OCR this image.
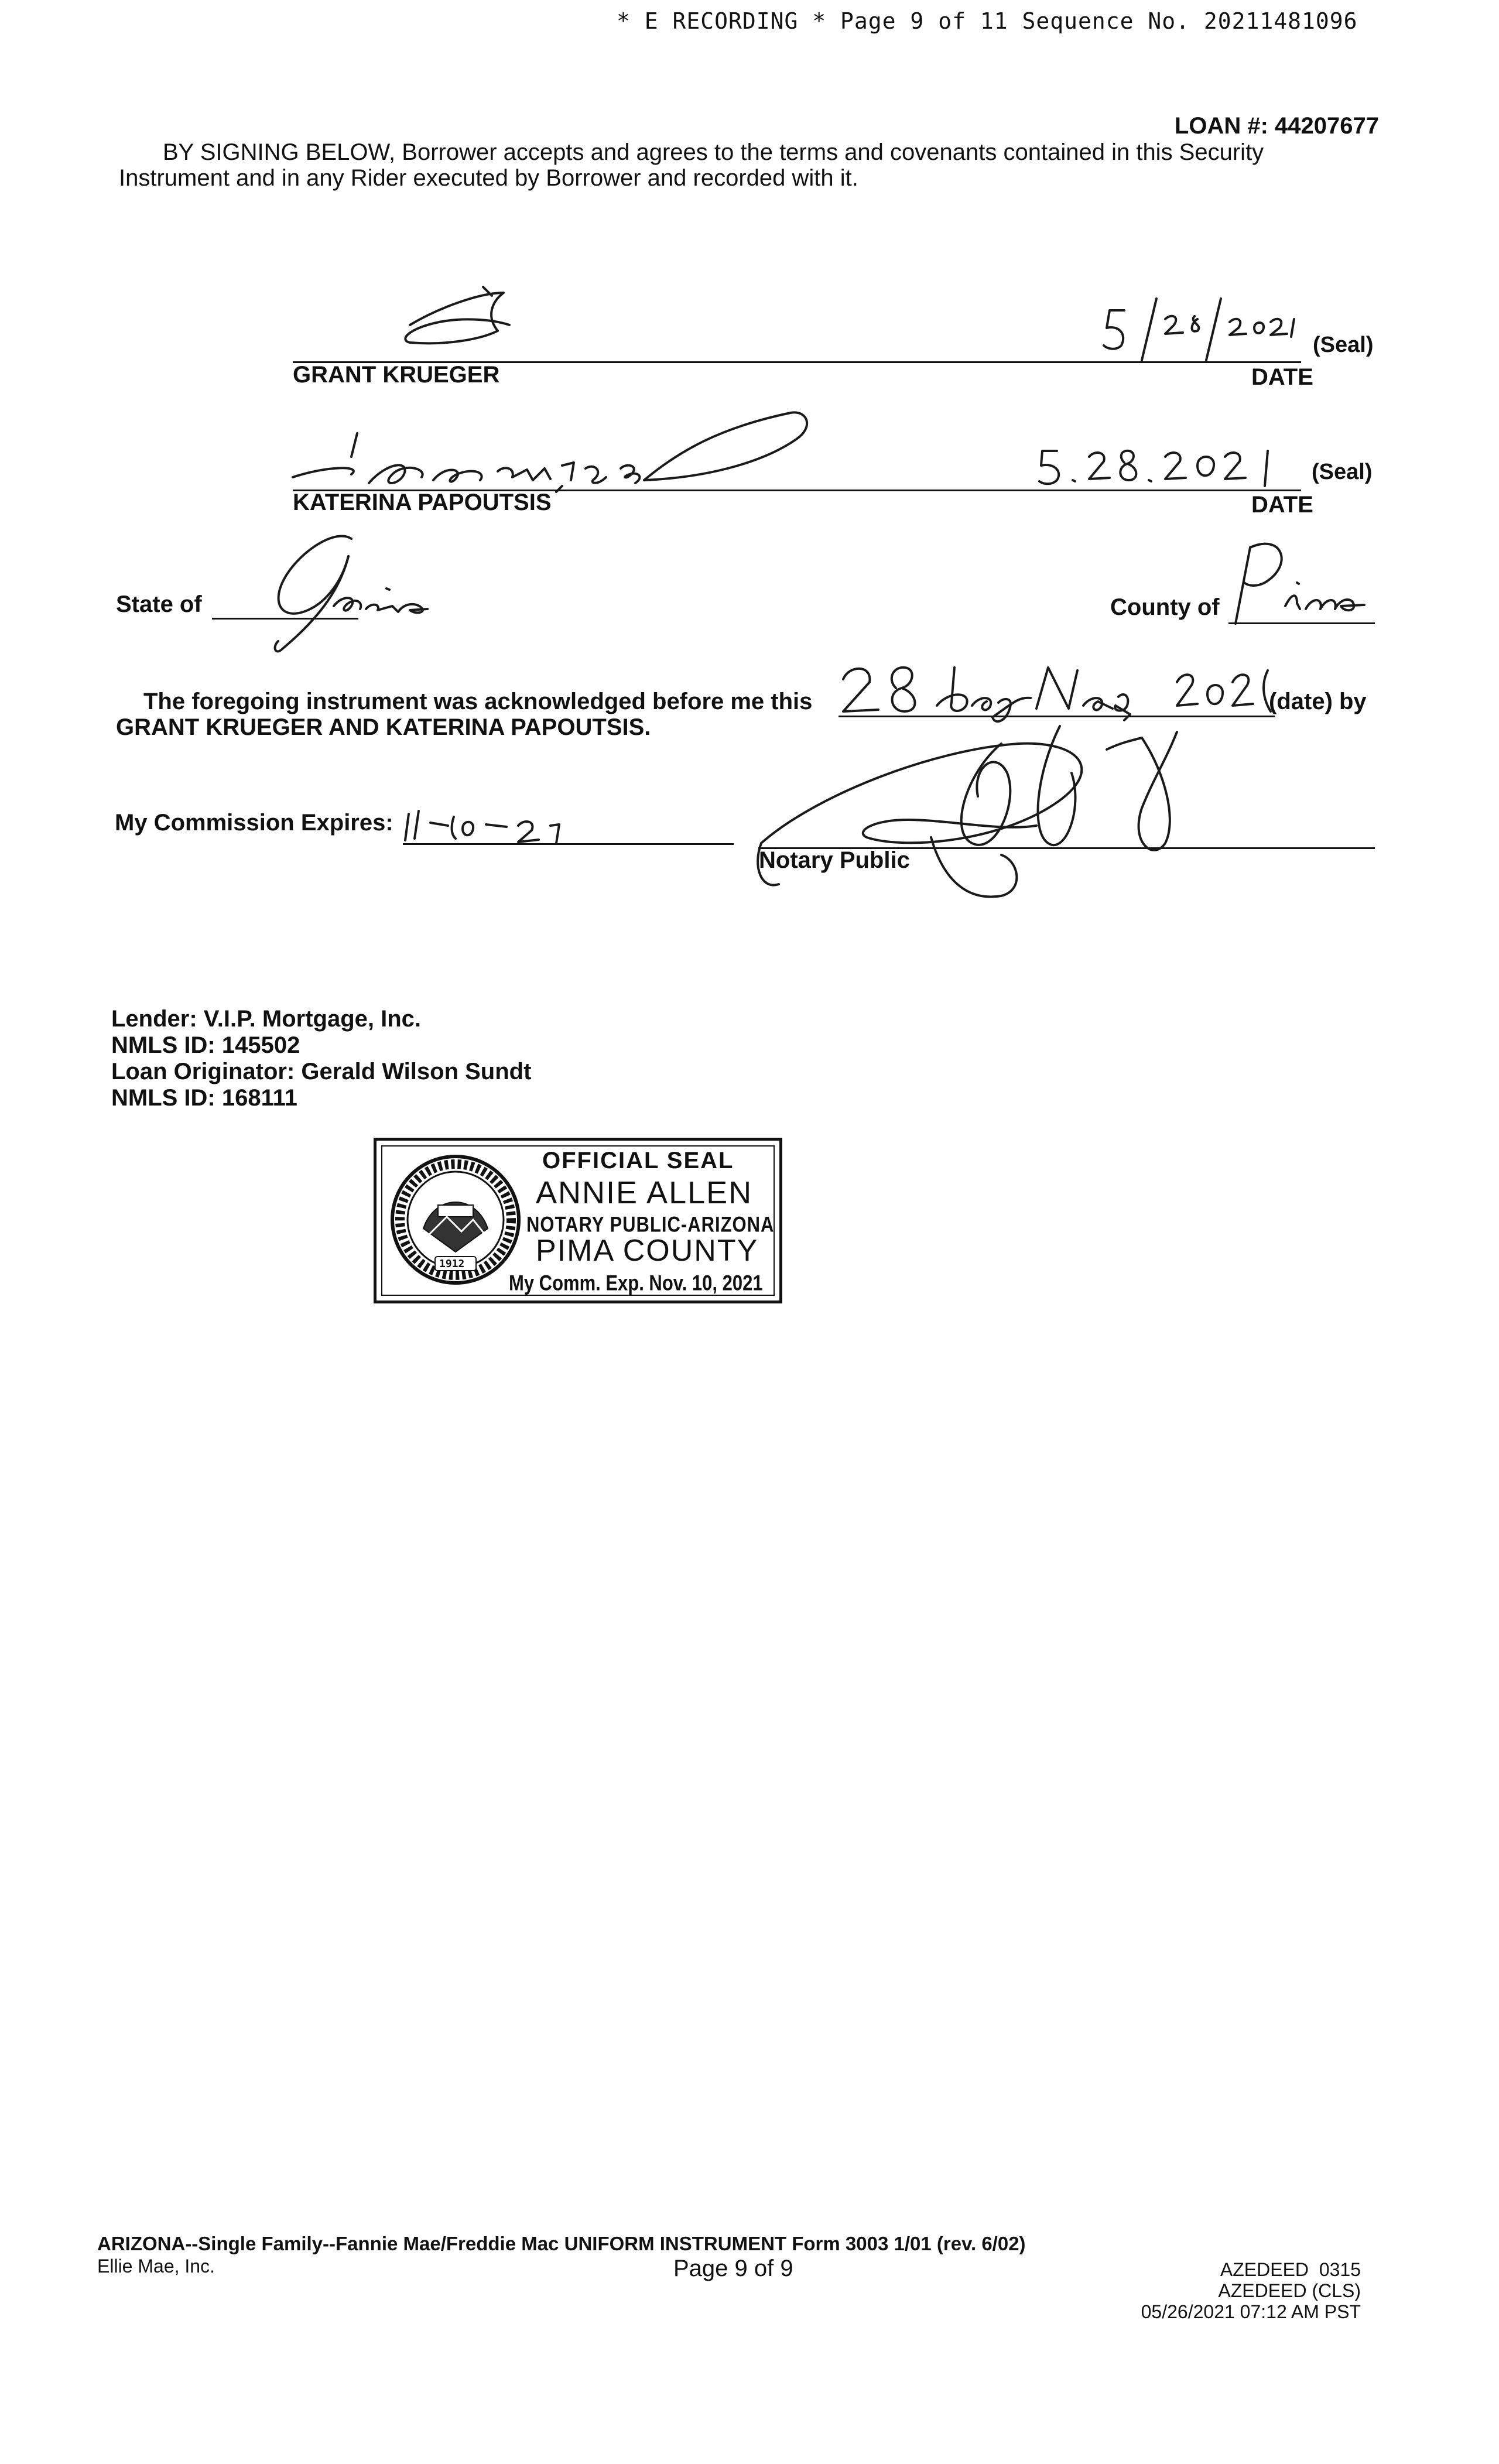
* E RECORDING * Page 9 of 11 Sequence No. 20211481096
LOAN #: 44207677
BY SIGNING BELOW, Borrower accepts and agrees to the terms and covenants contained in this Security
Instrument and in any Rider executed by Borrower and recorded with it.
(Seal)
GRANT KRUEGER	DATE
(Seal)
KATERINA PAPOUTSIS	DATE
State of	County of
The foregoing instrument was acknowledged before me this	(date) by
GRANT KRUEGER AND KATERINA PAPOUTSIS.
My Commission Expires:
Notary Public
Lender: V.I.P. Mortgage, Inc.
NMLS ID: 145502
Loan Originator: Gerald Wilson Sundt
NMLS ID: 168111
1912
OFFICIAL SEAL
ANNIE ALLEN
NOTARY PUBLIC-ARIZONA
PIMA COUNTY
My Comm. Exp. Nov. 10, 2021
ARIZONA--Single Family--Fannie Mae/Freddie Mac UNIFORM INSTRUMENT Form 3003 1/01 (rev. 6/02)
Ellie Mae, Inc.	Page 9 of 9	AZEDEED  0315
AZEDEED (CLS)
05/26/2021 07:12 AM PST
